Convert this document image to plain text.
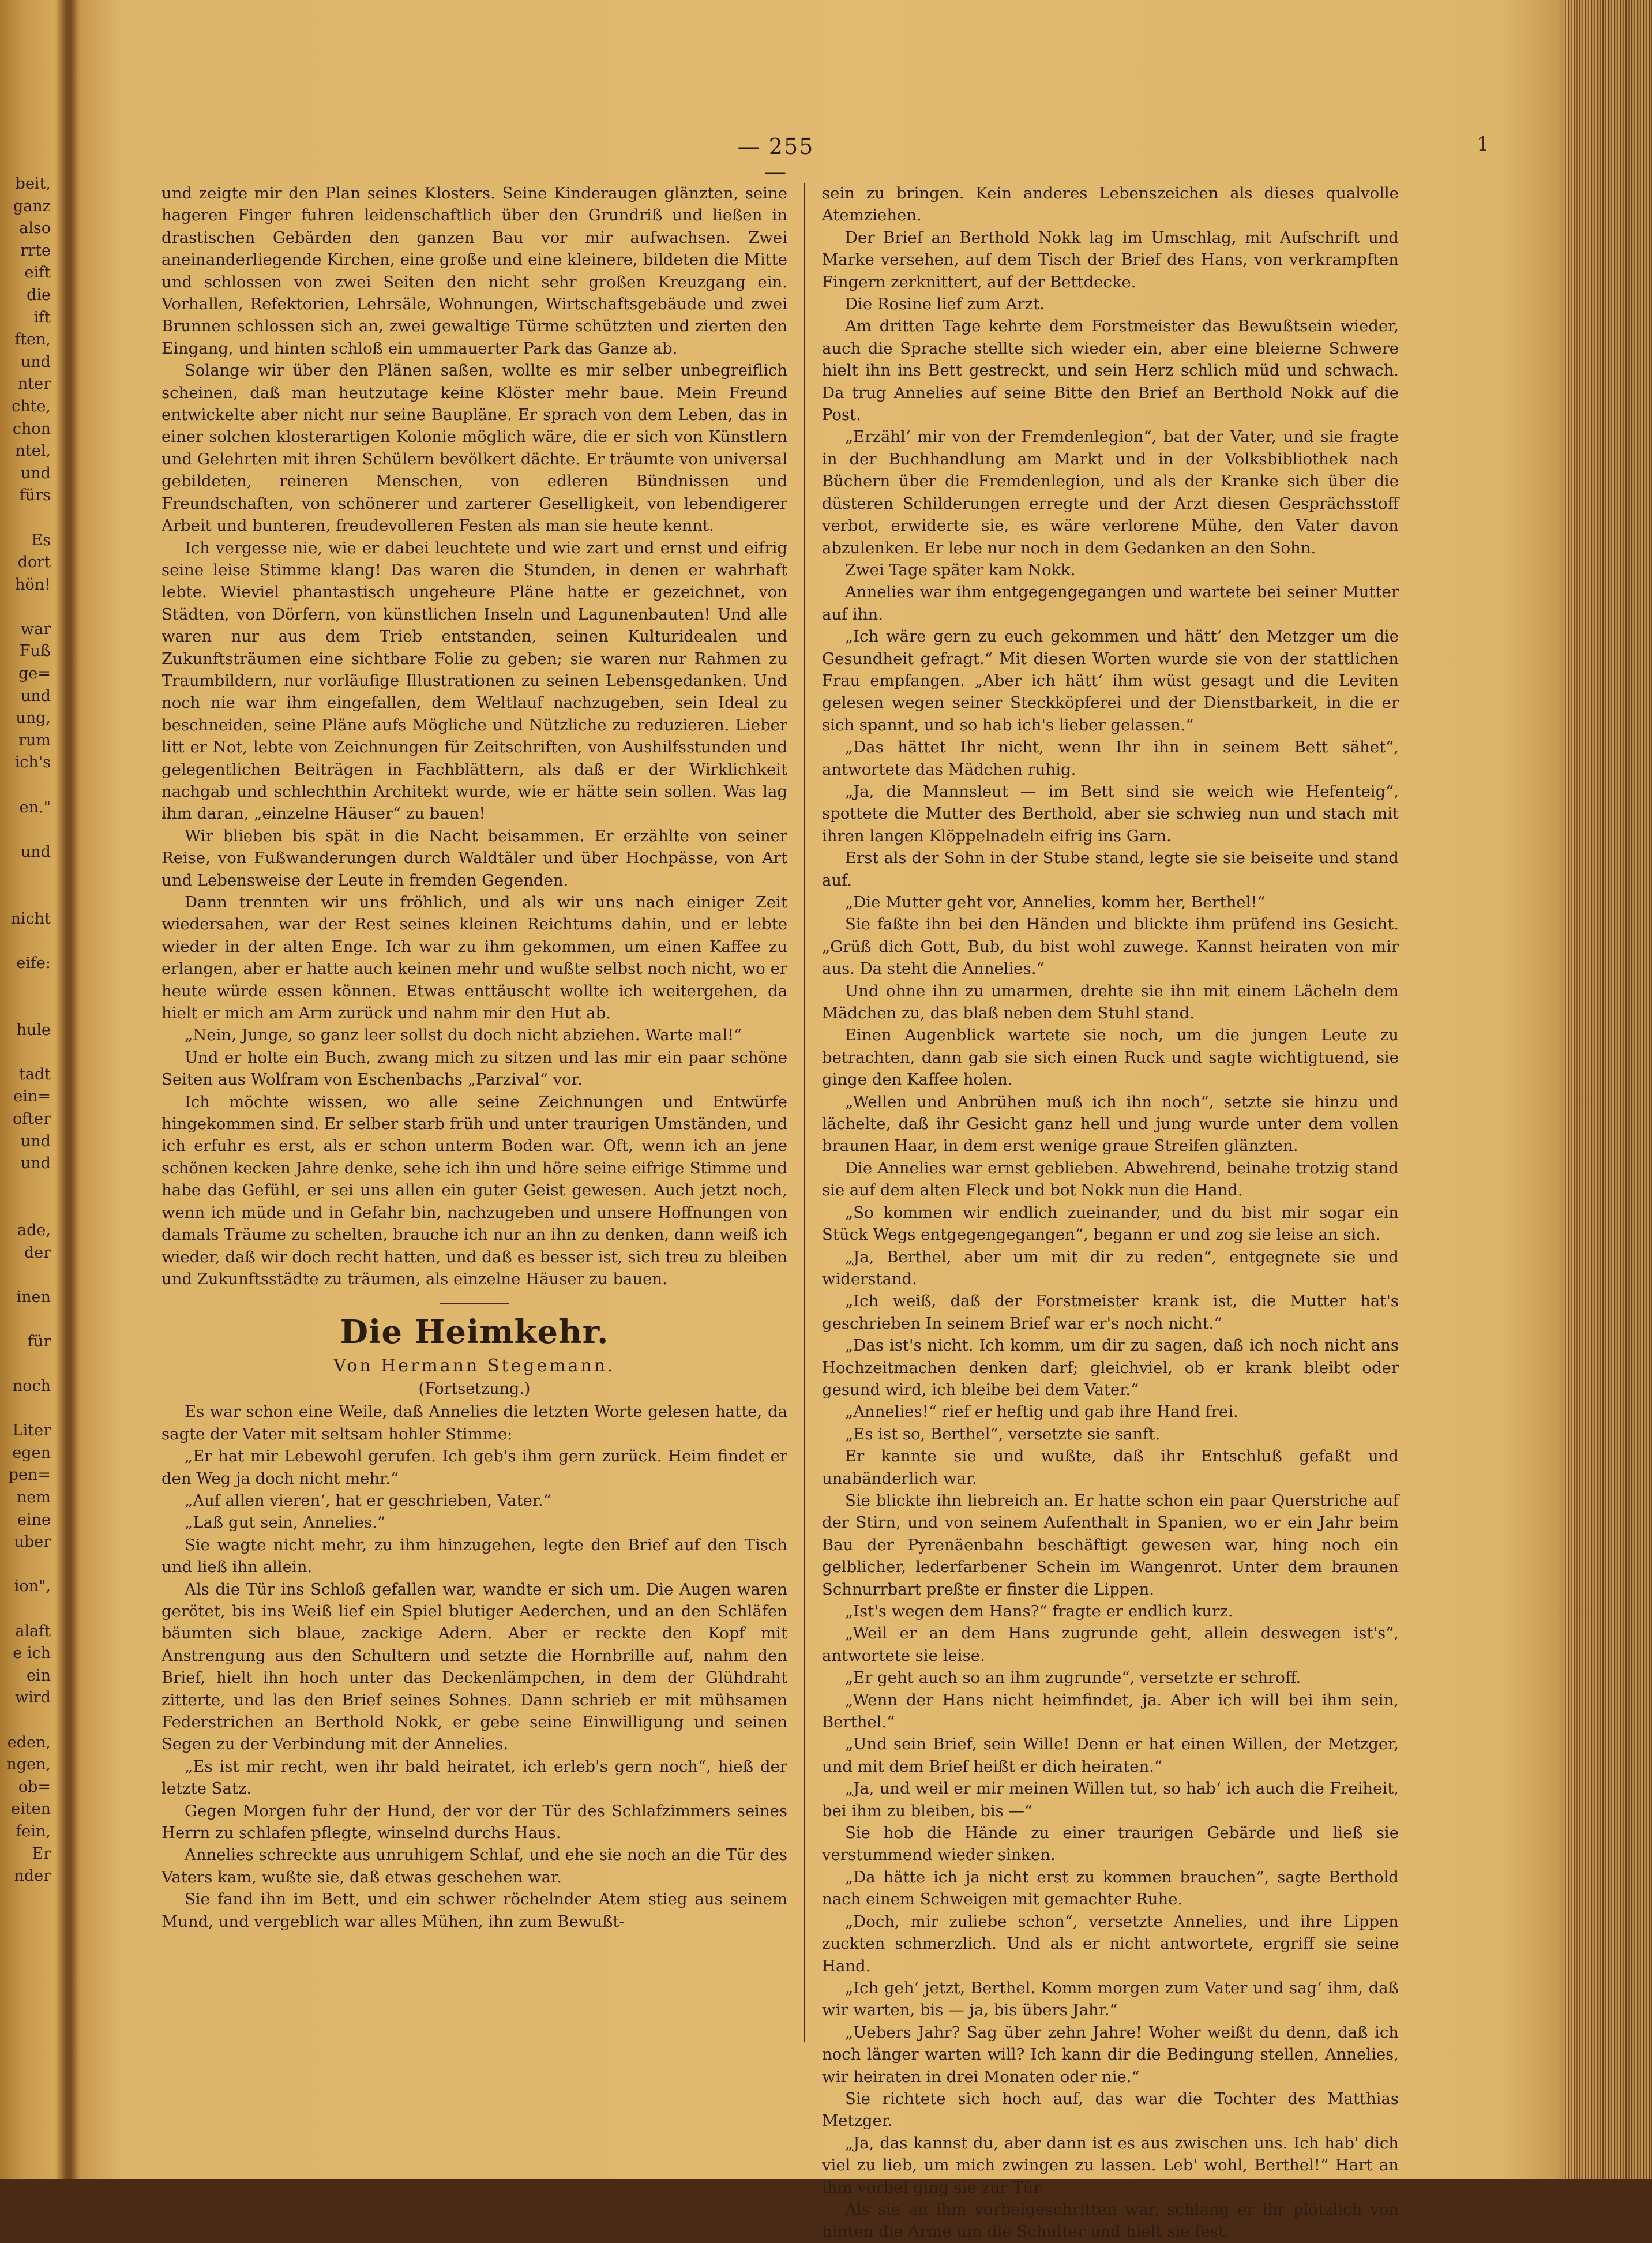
beit,
ganz
also
rrte
eift
die
ift
ften,
und
nter
chte,
chon
ntel,
und
fürs

Es
dort
hön!

war
Fuß
ge=
und
ung,
rum
ich's

en."

und

nicht

eife:

hule

tadt
ein=
ofter
und
und

ade,
der

inen

für

noch

Liter
egen
pen=
nem
eine
uber

ion",

alaft
e ich
ein
wird

eden,
ngen,
ob=
eiten
fein,
Er
nder
— 255 —
1

und zeigte mir den Plan seines Klosters. Seine Kinderaugen glänzten, seine hageren Finger fuhren leidenschaftlich über den Grundriß und ließen in drastischen Gebärden den ganzen Bau vor mir aufwachsen. Zwei aneinanderliegende Kirchen, eine große und eine kleinere, bildeten die Mitte und schlossen von zwei Seiten den nicht sehr großen Kreuzgang ein. Vorhallen, Refektorien, Lehrsäle, Wohnungen, Wirtschaftsgebäude und zwei Brunnen schlossen sich an, zwei gewaltige Türme schützten und zierten den Eingang, und hinten schloß ein ummauerter Park das Ganze ab.

Solange wir über den Plänen saßen, wollte es mir selber unbegreiflich scheinen, daß man heutzutage keine Klöster mehr baue. Mein Freund entwickelte aber nicht nur seine Baupläne. Er sprach von dem Leben, das in einer solchen klosterartigen Kolonie möglich wäre, die er sich von Künstlern und Gelehrten mit ihren Schülern bevölkert dächte. Er träumte von universal gebildeten, reineren Menschen, von edleren Bündnissen und Freundschaften, von schönerer und zarterer Geselligkeit, von lebendigerer Arbeit und bunteren, freudevolleren Festen als man sie heute kennt.

Ich vergesse nie, wie er dabei leuchtete und wie zart und ernst und eifrig seine leise Stimme klang! Das waren die Stunden, in denen er wahrhaft lebte. Wieviel phantastisch ungeheure Pläne hatte er gezeichnet, von Städten, von Dörfern, von künstlichen Inseln und Lagunenbauten! Und alle waren nur aus dem Trieb entstanden, seinen Kulturidealen und Zukunftsträumen eine sichtbare Folie zu geben; sie waren nur Rahmen zu Traumbildern, nur vorläufige Illustrationen zu seinen Lebensgedanken. Und noch nie war ihm eingefallen, dem Weltlauf nachzugeben, sein Ideal zu beschneiden, seine Pläne aufs Mögliche und Nützliche zu reduzieren. Lieber litt er Not, lebte von Zeichnungen für Zeitschriften, von Aushilfsstunden und gelegentlichen Beiträgen in Fachblättern, als daß er der Wirklichkeit nachgab und schlechthin Architekt wurde, wie er hätte sein sollen. Was lag ihm daran, „einzelne Häuser“ zu bauen!

Wir blieben bis spät in die Nacht beisammen. Er erzählte von seiner Reise, von Fußwanderungen durch Waldtäler und über Hochpässe, von Art und Lebensweise der Leute in fremden Gegenden.

Dann trennten wir uns fröhlich, und als wir uns nach einiger Zeit wiedersahen, war der Rest seines kleinen Reichtums dahin, und er lebte wieder in der alten Enge. Ich war zu ihm gekommen, um einen Kaffee zu erlangen, aber er hatte auch keinen mehr und wußte selbst noch nicht, wo er heute würde essen können. Etwas enttäuscht wollte ich weitergehen, da hielt er mich am Arm zurück und nahm mir den Hut ab.

„Nein, Junge, so ganz leer sollst du doch nicht abziehen. Warte mal!“

Und er holte ein Buch, zwang mich zu sitzen und las mir ein paar schöne Seiten aus Wolfram von Eschenbachs „Parzival“ vor.

Ich möchte wissen, wo alle seine Zeichnungen und Entwürfe hingekommen sind. Er selber starb früh und unter traurigen Umständen, und ich erfuhr es erst, als er schon unterm Boden war. Oft, wenn ich an jene schönen kecken Jahre denke, sehe ich ihn und höre seine eifrige Stimme und habe das Gefühl, er sei uns allen ein guter Geist gewesen. Auch jetzt noch, wenn ich müde und in Gefahr bin, nachzugeben und unsere Hoffnungen von damals Träume zu schelten, brauche ich nur an ihn zu denken, dann weiß ich wieder, daß wir doch recht hatten, und daß es besser ist, sich treu zu bleiben und Zukunftsstädte zu träumen, als einzelne Häuser zu bauen.

Die Heimkehr.
Von Hermann Stegemann.
(Fortsetzung.)

Es war schon eine Weile, daß Annelies die letzten Worte gelesen hatte, da sagte der Vater mit seltsam hohler Stimme:

„Er hat mir Lebewohl gerufen. Ich geb's ihm gern zurück. Heim findet er den Weg ja doch nicht mehr.“

„Auf allen vieren‘, hat er geschrieben, Vater.“

„Laß gut sein, Annelies.“

Sie wagte nicht mehr, zu ihm hinzugehen, legte den Brief auf den Tisch und ließ ihn allein.

Als die Tür ins Schloß gefallen war, wandte er sich um. Die Augen waren gerötet, bis ins Weiß lief ein Spiel blutiger Aederchen, und an den Schläfen bäumten sich blaue, zackige Adern. Aber er reckte den Kopf mit Anstrengung aus den Schultern und setzte die Hornbrille auf, nahm den Brief, hielt ihn hoch unter das Deckenlämpchen, in dem der Glühdraht zitterte, und las den Brief seines Sohnes. Dann schrieb er mit mühsamen Federstrichen an Berthold Nokk, er gebe seine Einwilligung und seinen Segen zu der Verbindung mit der Annelies.

„Es ist mir recht, wen ihr bald heiratet, ich erleb's gern noch“, hieß der letzte Satz.

Gegen Morgen fuhr der Hund, der vor der Tür des Schlafzimmers seines Herrn zu schlafen pflegte, winselnd durchs Haus.

Annelies schreckte aus unruhigem Schlaf, und ehe sie noch an die Tür des Vaters kam, wußte sie, daß etwas geschehen war.

Sie fand ihn im Bett, und ein schwer röchelnder Atem stieg aus seinem Mund, und vergeblich war alles Mühen, ihn zum Bewußt-

sein zu bringen. Kein anderes Lebenszeichen als dieses qualvolle Atemziehen.

Der Brief an Berthold Nokk lag im Umschlag, mit Aufschrift und Marke versehen, auf dem Tisch der Brief des Hans, von verkrampften Fingern zerknittert, auf der Bettdecke.

Die Rosine lief zum Arzt.

Am dritten Tage kehrte dem Forstmeister das Bewußtsein wieder, auch die Sprache stellte sich wieder ein, aber eine bleierne Schwere hielt ihn ins Bett gestreckt, und sein Herz schlich müd und schwach. Da trug Annelies auf seine Bitte den Brief an Berthold Nokk auf die Post.

„Erzähl‘ mir von der Fremdenlegion“, bat der Vater, und sie fragte in der Buchhandlung am Markt und in der Volksbibliothek nach Büchern über die Fremdenlegion, und als der Kranke sich über die düsteren Schilderungen erregte und der Arzt diesen Gesprächsstoff verbot, erwiderte sie, es wäre verlorene Mühe, den Vater davon abzulenken. Er lebe nur noch in dem Gedanken an den Sohn.

Zwei Tage später kam Nokk.

Annelies war ihm entgegengegangen und wartete bei seiner Mutter auf ihn.

„Ich wäre gern zu euch gekommen und hätt‘ den Metzger um die Gesundheit gefragt.“ Mit diesen Worten wurde sie von der stattlichen Frau empfangen. „Aber ich hätt‘ ihm wüst gesagt und die Leviten gelesen wegen seiner Steckköpferei und der Dienstbarkeit, in die er sich spannt, und so hab ich's lieber gelassen.“

„Das hättet Ihr nicht, wenn Ihr ihn in seinem Bett sähet“, antwortete das Mädchen ruhig.

„Ja, die Mannsleut — im Bett sind sie weich wie Hefenteig“, spottete die Mutter des Berthold, aber sie schwieg nun und stach mit ihren langen Klöppelnadeln eifrig ins Garn.

Erst als der Sohn in der Stube stand, legte sie sie beiseite und stand auf.

„Die Mutter geht vor, Annelies, komm her, Berthel!“

Sie faßte ihn bei den Händen und blickte ihm prüfend ins Gesicht. „Grüß dich Gott, Bub, du bist wohl zuwege. Kannst heiraten von mir aus. Da steht die Annelies.“

Und ohne ihn zu umarmen, drehte sie ihn mit einem Lächeln dem Mädchen zu, das blaß neben dem Stuhl stand.

Einen Augenblick wartete sie noch, um die jungen Leute zu betrachten, dann gab sie sich einen Ruck und sagte wichtigtuend, sie ginge den Kaffee holen.

„Wellen und Anbrühen muß ich ihn noch“, setzte sie hinzu und lächelte, daß ihr Gesicht ganz hell und jung wurde unter dem vollen braunen Haar, in dem erst wenige graue Streifen glänzten.

Die Annelies war ernst geblieben. Abwehrend, beinahe trotzig stand sie auf dem alten Fleck und bot Nokk nun die Hand.

„So kommen wir endlich zueinander, und du bist mir sogar ein Stück Wegs entgegengegangen“, begann er und zog sie leise an sich.

„Ja, Berthel, aber um mit dir zu reden“, entgegnete sie und widerstand.

„Ich weiß, daß der Forstmeister krank ist, die Mutter hat's geschrieben In seinem Brief war er's noch nicht.“

„Das ist's nicht. Ich komm, um dir zu sagen, daß ich noch nicht ans Hochzeitmachen denken darf; gleichviel, ob er krank bleibt oder gesund wird, ich bleibe bei dem Vater.“

„Annelies!“ rief er heftig und gab ihre Hand frei.

„Es ist so, Berthel“, versetzte sie sanft.

Er kannte sie und wußte, daß ihr Entschluß gefaßt und unabänderlich war.

Sie blickte ihn liebreich an. Er hatte schon ein paar Querstriche auf der Stirn, und von seinem Aufenthalt in Spanien, wo er ein Jahr beim Bau der Pyrenäenbahn beschäftigt gewesen war, hing noch ein gelblicher, lederfarbener Schein im Wangenrot. Unter dem braunen Schnurrbart preßte er finster die Lippen.

„Ist's wegen dem Hans?“ fragte er endlich kurz.

„Weil er an dem Hans zugrunde geht, allein deswegen ist's“, antwortete sie leise.

„Er geht auch so an ihm zugrunde“, versetzte er schroff.

„Wenn der Hans nicht heimfindet, ja. Aber ich will bei ihm sein, Berthel.“

„Und sein Brief, sein Wille! Denn er hat einen Willen, der Metzger, und mit dem Brief heißt er dich heiraten.“

„Ja, und weil er mir meinen Willen tut, so hab‘ ich auch die Freiheit, bei ihm zu bleiben, bis —“

Sie hob die Hände zu einer traurigen Gebärde und ließ sie verstummend wieder sinken.

„Da hätte ich ja nicht erst zu kommen brauchen“, sagte Berthold nach einem Schweigen mit gemachter Ruhe.

„Doch, mir zuliebe schon“, versetzte Annelies, und ihre Lippen zuckten schmerzlich. Und als er nicht antwortete, ergriff sie seine Hand.

„Ich geh‘ jetzt, Berthel. Komm morgen zum Vater und sag‘ ihm, daß wir warten, bis — ja, bis übers Jahr.“

„Uebers Jahr? Sag über zehn Jahre! Woher weißt du denn, daß ich noch länger warten will? Ich kann dir die Bedingung stellen, Annelies, wir heiraten in drei Monaten oder nie.“

Sie richtete sich hoch auf, das war die Tochter des Matthias Metzger.

„Ja, das kannst du, aber dann ist es aus zwischen uns. Ich hab' dich viel zu lieb, um mich zwingen zu lassen. Leb' wohl, Berthel!“ Hart an ihm vorbei ging sie zur Tür.

Als sie an ihm vorbeigeschritten war, schlang er ihr plötzlich von hinten die Arme um die Schulter und hielt sie fest.
